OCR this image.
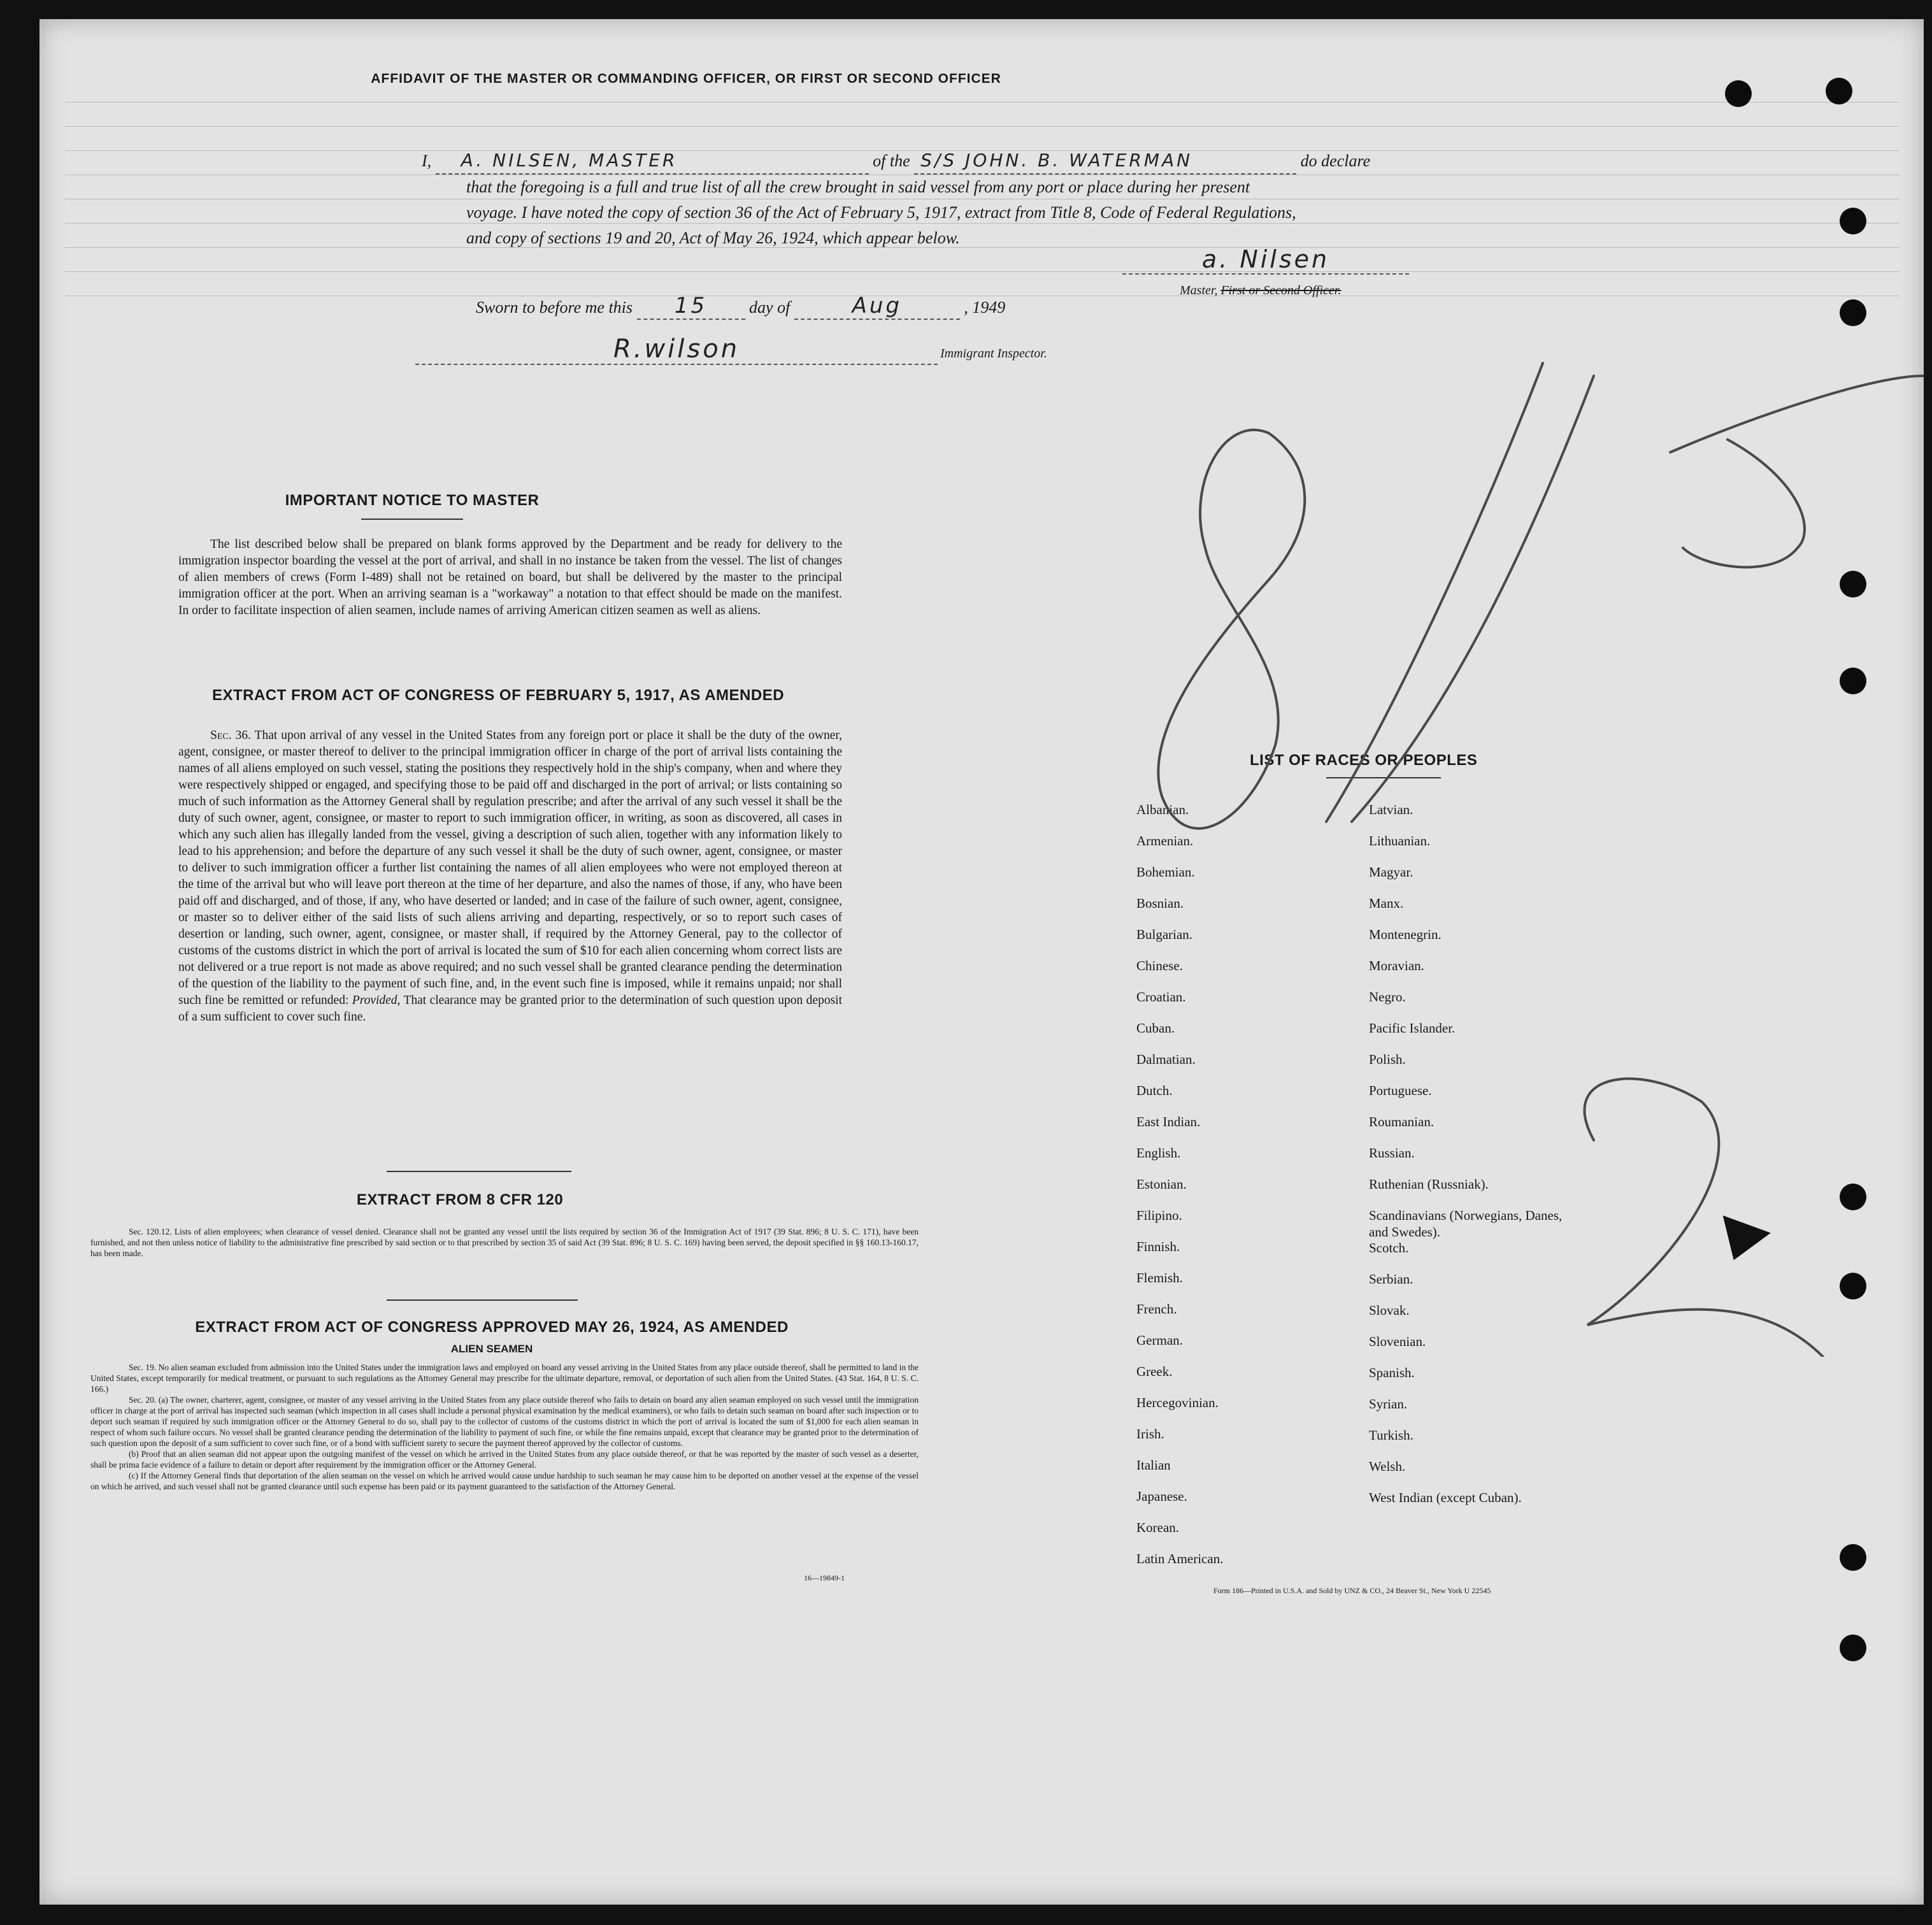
AFFIDAVIT OF THE MASTER OR COMMANDING OFFICER, OR FIRST OR SECOND OFFICER
I, A. NILSEN, MASTER	of the S/S JOHN. B. WATERMAN	do declare
that the foregoing is a full and true list of all the crew brought in said vessel from any port or place during her present
voyage. I have noted the copy of section 36 of the Act of February 5, 1917, extract from Title 8, Code of Federal Regulations,
and copy of sections 19 and 20, Act of May 26, 1924, which appear below.
a. Nilsen
Master, First or Second Officer.
Sworn to before me this 15	day of	Aug	, 1949
R.wilson	Immigrant Inspector.
IMPORTANT NOTICE TO MASTER
The list described below shall be prepared on blank forms approved by the Department and be ready for delivery to the immigration inspector boarding the vessel at the port of arrival, and shall in no instance be taken from the vessel. The list of changes of alien members of crews (Form I-489) shall not be retained on board, but shall be delivered by the master to the principal immigration officer at the port. When an arriving seaman is a "workaway" a notation to that effect should be made on the manifest. In order to facilitate inspection of alien seamen, include names of arriving American citizen seamen as well as aliens.
EXTRACT FROM ACT OF CONGRESS OF FEBRUARY 5, 1917, AS AMENDED
Sec. 36. That upon arrival of any vessel in the United States from any foreign port or place it shall be the duty of the owner, agent, consignee, or master thereof to deliver to the principal immigration officer in charge of the port of arrival lists containing the names of all aliens employed on such vessel, stating the positions they respectively hold in the ship's company, when and where they were respectively shipped or engaged, and specifying those to be paid off and discharged in the port of arrival; or lists containing so much of such information as the Attorney General shall by regulation prescribe; and after the arrival of any such vessel it shall be the duty of such owner, agent, consignee, or master to report to such immigration officer, in writing, as soon as discovered, all cases in which any such alien has illegally landed from the vessel, giving a description of such alien, together with any information likely to lead to his apprehension; and before the departure of any such vessel it shall be the duty of such owner, agent, consignee, or master to deliver to such immigration officer a further list containing the names of all alien employees who were not employed thereon at the time of the arrival but who will leave port thereon at the time of her departure, and also the names of those, if any, who have been paid off and discharged, and of those, if any, who have deserted or landed; and in case of the failure of such owner, agent, consignee, or master so to deliver either of the said lists of such aliens arriving and departing, respectively, or so to report such cases of desertion or landing, such owner, agent, consignee, or master shall, if required by the Attorney General, pay to the collector of customs of the customs district in which the port of arrival is located the sum of $10 for each alien concerning whom correct lists are not delivered or a true report is not made as above required; and no such vessel shall be granted clearance pending the determination of the question of the liability to the payment of such fine, and, in the event such fine is imposed, while it remains unpaid; nor shall such fine be remitted or refunded: Provided, That clearance may be granted prior to the determination of such question upon deposit of a sum sufficient to cover such fine.
EXTRACT FROM 8 CFR 120
Sec. 120.12. Lists of alien employees; when clearance of vessel denied. Clearance shall not be granted any vessel until the lists required by section 36 of the Immigration Act of 1917 (39 Stat. 896; 8 U. S. C. 171), have been furnished, and not then unless notice of liability to the administrative fine prescribed by said section or to that prescribed by section 35 of said Act (39 Stat. 896; 8 U. S. C. 169) having been served, the deposit specified in §§ 160.13-160.17, has been made.
EXTRACT FROM ACT OF CONGRESS APPROVED MAY 26, 1924, AS AMENDED
ALIEN SEAMEN
Sec. 19. No alien seaman excluded from admission into the United States under the immigration laws and employed on board any vessel arriving in the United States from any place outside thereof, shall be permitted to land in the United States, except temporarily for medical treatment, or pursuant to such regulations as the Attorney General may prescribe for the ultimate departure, removal, or deportation of such alien from the United States. (43 Stat. 164, 8 U. S. C. 166.)
Sec. 20. (a) The owner, charterer, agent, consignee, or master of any vessel arriving in the United States from any place outside thereof who fails to detain on board any alien seaman employed on such vessel until the immigration officer in charge at the port of arrival has inspected such seaman (which inspection in all cases shall include a personal physical examination by the medical examiners), or who fails to detain such seaman on board after such inspection or to deport such seaman if required by such immigration officer or the Attorney General to do so, shall pay to the collector of customs of the customs district in which the port of arrival is located the sum of $1,000 for each alien seaman in respect of whom such failure occurs. No vessel shall be granted clearance pending the determination of the liability to payment of such fine, or while the fine remains unpaid, except that clearance may be granted prior to the determination of such question upon the deposit of a sum sufficient to cover such fine, or of a bond with sufficient surety to secure the payment thereof approved by the collector of customs.
(b) Proof that an alien seaman did not appear upon the outgoing manifest of the vessel on which he arrived in the United States from any place outside thereof, or that he was reported by the master of such vessel as a deserter, shall be prima facie evidence of a failure to detain or deport after requirement by the immigration officer or the Attorney General.
(c) If the Attorney General finds that deportation of the alien seaman on the vessel on which he arrived would cause undue hardship to such seaman he may cause him to be deported on another vessel at the expense of the vessel on which he arrived, and such vessel shall not be granted clearance until such expense has been paid or its payment guaranteed to the satisfaction of the Attorney General.
16—19849-1
LIST OF RACES OR PEOPLES
Albanian.
Armenian.
Bohemian.
Bosnian.
Bulgarian.
Chinese.
Croatian.
Cuban.
Dalmatian.
Dutch.
East Indian.
English.
Estonian.
Filipino.
Finnish.
Flemish.
French.
German.
Greek.
Hercegovinian.
Irish.
Italian
Japanese.
Korean.
Latin American.
Latvian.
Lithuanian.
Magyar.
Manx.
Montenegrin.
Moravian.
Negro.
Pacific Islander.
Polish.
Portuguese.
Roumanian.
Russian.
Ruthenian (Russniak).
Scandinavians (Norwegians, Danes, and Swedes).
Scotch.
Serbian.
Slovak.
Slovenian.
Spanish.
Syrian.
Turkish.
Welsh.
West Indian (except Cuban).
Form 186—Printed in U.S.A. and Sold by UNZ & CO., 24 Beaver St., New York U 22545
